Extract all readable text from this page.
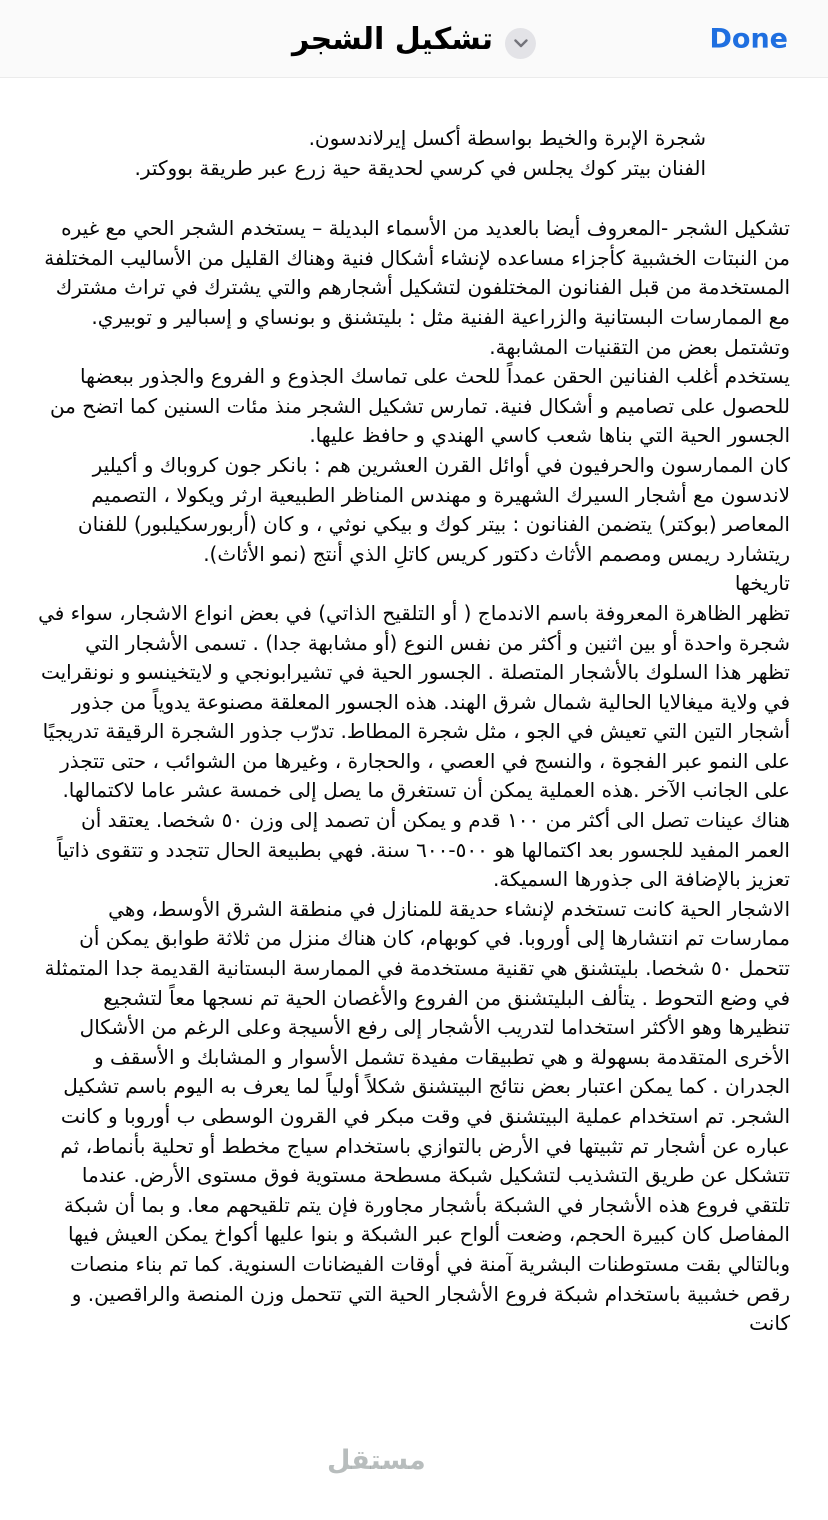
تشكيل الشجر	Done

شجرة الإبرة والخيط بواسطة أكسل إيرلاندسون.

الفنان بيتر كوك يجلس في كرسي لحديقة حية زرع عبر طريقة بووكتر.

تشكيل الشجر -المعروف أيضا بالعديد من الأسماء البديلة – يستخدم الشجر الحي مع غيره من النبتات الخشبية كأجزاء مساعده لإنشاء أشكال فنية وهناك القليل من الأساليب المختلفة المستخدمة من قبل الفنانون المختلفون لتشكيل أشجارهم والتي يشترك في تراث مشترك مع الممارسات البستانية والزراعية الفنية مثل : بليتشنق و بونساي و إسبالير و توبيري. وتشتمل بعض من التقنيات المشابهة.

يستخدم أغلب الفنانين الحقن عمداً للحث على تماسك الجذوع و الفروع والجذور ببعضها للحصول على تصاميم و أشكال فنية. تمارس تشكيل الشجر منذ مئات السنين كما اتضح من الجسور الحية التي بناها شعب كاسي الهندي و حافظ عليها.

كان الممارسون والحرفيون في أوائل القرن العشرين هم : بانكر جون كروباك و أكيلير لاندسون مع أشجار السيرك الشهيرة و مهندس المناظر الطبيعية ارثر ويكولا ، التصميم المعاصر (بوكتر) يتضمن الفنانون : بيتر كوك و بيكي نوثي ، و كان (أربورسكيلبور) للفنان ريتشارد ريمس ومصمم الأثاث دكتور كريس كاتلِ الذي أنتج (نمو الأثاث).

تاريخها

تظهر الظاهرة المعروفة باسم الاندماج ( أو التلقيح الذاتي) في بعض انواع الاشجار، سواء في شجرة واحدة أو بين اثنين و أكثر من نفس النوع (أو مشابهة جدا) . تسمى الأشجار التي تظهر هذا السلوك بالأشجار المتصلة . الجسور الحية في تشيرابونجي و لايتخينسو و نونقرايت في ولاية ميغالايا الحالية شمال شرق الهند. هذه الجسور المعلقة مصنوعة يدوياً من جذور أشجار التين التي تعيش في الجو ، مثل شجرة المطاط. تدرّب جذور الشجرة الرقيقة تدريجيًا على النمو عبر الفجوة ، والنسج في العصي ، والحجارة ، وغيرها من الشوائب ، حتى تتجذر على الجانب الآخر .هذه العملية يمكن أن تستغرق ما يصل إلى خمسة عشر عاما لاكتمالها. هناك عينات تصل الى أكثر من ١٠٠ قدم و يمكن أن تصمد إلى وزن ٥٠ شخصا. يعتقد أن العمر المفيد للجسور بعد اكتمالها هو ٥٠٠-٦٠٠ سنة. فهي بطبيعة الحال تتجدد و تتقوى ذاتياً تعزيز بالإضافة الى جذورها السميكة.

الاشجار الحية كانت تستخدم لإنشاء حديقة للمنازل في منطقة الشرق الأوسط، وهي ممارسات تم انتشارها إلى أوروبا. في كوبهام، كان هناك منزل من ثلاثة طوابق يمكن أن تتحمل ٥٠ شخصا. بليتشنق هي تقنية مستخدمة في الممارسة البستانية القديمة جدا المتمثلة في وضع التحوط . يتألف البليتشنق من الفروع والأغصان الحية تم نسجها معاً لتشجيع تنظيرها وهو الأكثر استخداما لتدريب الأشجار إلى رفع الأسيجة وعلى الرغم من الأشكال الأخرى المتقدمة بسهولة و هي تطبيقات مفيدة تشمل الأسوار و المشابك و الأسقف و الجدران . كما يمكن اعتبار بعض نتائج البيتشنق شكلاً أولياً لما يعرف به اليوم باسم تشكيل الشجر. تم استخدام عملية البيتشنق في وقت مبكر في القرون الوسطى ب أوروبا و كانت عباره عن أشجار تم تثبيتها في الأرض بالتوازي باستخدام سياج مخطط أو تحلية بأنماط، ثم تتشكل عن طريق التشذيب لتشكيل شبكة مسطحة مستوية فوق مستوى الأرض. عندما تلتقي فروع هذه الأشجار في الشبكة بأشجار مجاورة فإن يتم تلقيحهم معا. و بما أن شبكة المفاصل كان كبيرة الحجم، وضعت ألواح عبر الشبكة و بنوا عليها أكواخ يمكن العيش فيها وبالتالي بقت مستوطنات البشرية آمنة في أوقات الفيضانات السنوية. كما تم بناء منصات رقص خشبية باستخدام شبكة فروع الأشجار الحية التي تتحمل وزن المنصة والراقصين. و كانت

مستقل
